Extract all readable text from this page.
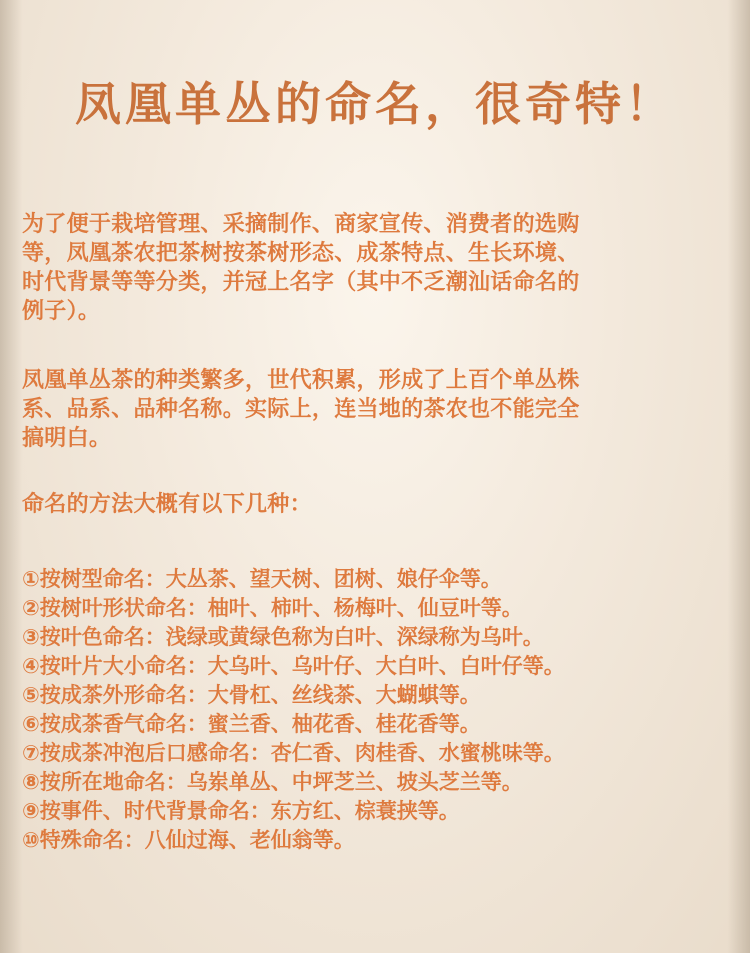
凤凰单丛的命名，很奇特！
为了便于栽培管理、采摘制作、商家宣传、消费者的选购
等，凤凰茶农把茶树按茶树形态、成茶特点、生长环境、
时代背景等等分类，并冠上名字（其中不乏潮汕话命名的
例子）。
凤凰单丛茶的种类繁多，世代积累，形成了上百个单丛株
系、品系、品种名称。实际上，连当地的茶农也不能完全
搞明白。
命名的方法大概有以下几种：
①按树型命名：大丛茶、望天树、团树、娘仔伞等。
②按树叶形状命名：柚叶、柿叶、杨梅叶、仙豆叶等。
③按叶色命名：浅绿或黄绿色称为白叶、深绿称为乌叶。
④按叶片大小命名：大乌叶、乌叶仔、大白叶、白叶仔等。
⑤按成茶外形命名：大骨杠、丝线茶、大蝴蜞等。
⑥按成茶香气命名：蜜兰香、柚花香、桂花香等。
⑦按成茶冲泡后口感命名：杏仁香、肉桂香、水蜜桃味等。
⑧按所在地命名：乌岽单丛、中坪芝兰、坡头芝兰等。
⑨按事件、时代背景命名：东方红、棕蓑挟等。
⑩特殊命名：八仙过海、老仙翁等。
